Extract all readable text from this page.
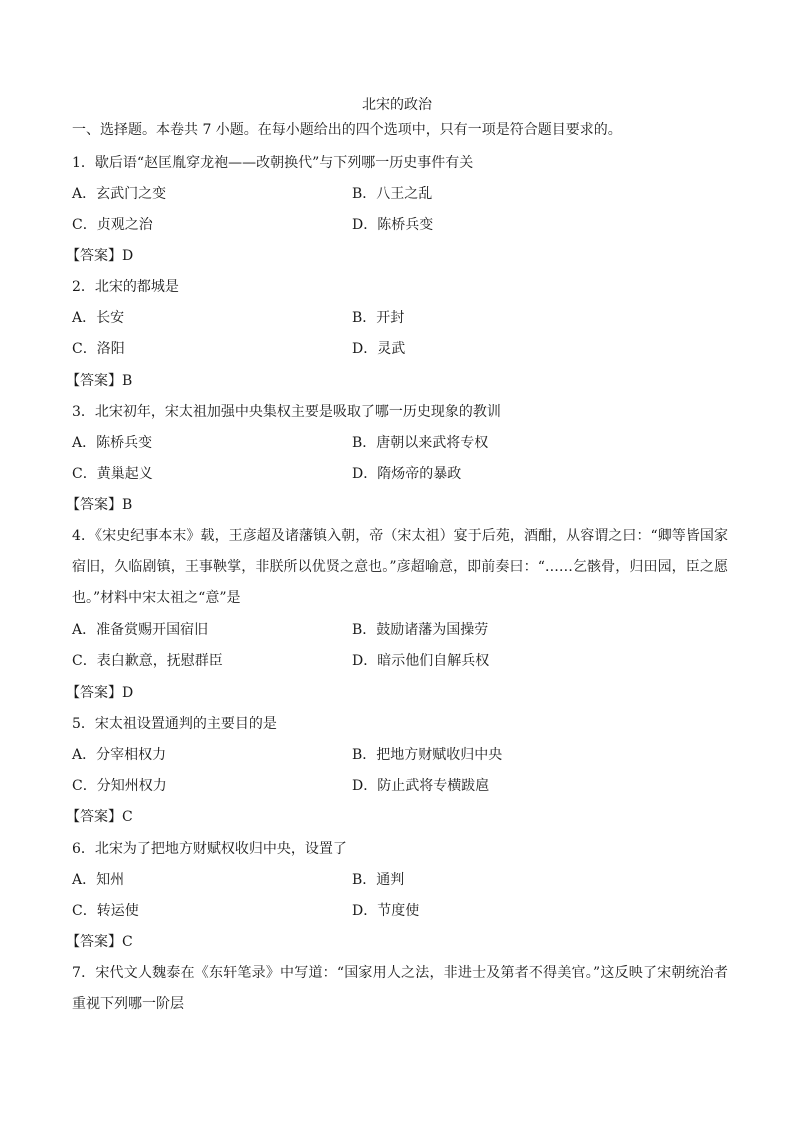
北宋的政治
一、选择题。本卷共 7 小题。在每小题给出的四个选项中，只有一项是符合题目要求的。
1．歇后语“赵匡胤穿龙袍——改朝换代”与下列哪一历史事件有关
A．玄武门之变	B．八王之乱
C．贞观之治	D．陈桥兵变
【答案】D
2．北宋的都城是
A．长安	B．开封
C．洛阳	D．灵武
【答案】B
3．北宋初年，宋太祖加强中央集权主要是吸取了哪一历史现象的教训
A．陈桥兵变	B．唐朝以来武将专权
C．黄巢起义	D．隋炀帝的暴政
【答案】B
4．《宋史纪事本末》载，王彦超及诸藩镇入朝，帝（宋太祖）宴于后苑，酒酣，从容谓之曰：“卿等皆国家宿旧，久临剧镇，王事鞅掌，非朕所以优贤之意也。”彦超喻意，即前奏曰：“……乞骸骨，归田园，臣之愿也。”材料中宋太祖之“意”是
A．准备赏赐开国宿旧	B．鼓励诸藩为国操劳
C．表白歉意，抚慰群臣	D．暗示他们自解兵权
【答案】D
5．宋太祖设置通判的主要目的是
A．分宰相权力	B．把地方财赋收归中央
C．分知州权力	D．防止武将专横跋扈
【答案】C
6．北宋为了把地方财赋权收归中央，设置了
A．知州	B．通判
C．转运使	D．节度使
【答案】C
7．宋代文人魏泰在《东轩笔录》中写道：“国家用人之法，非进士及第者不得美官。”这反映了宋朝统治者重视下列哪一阶层
